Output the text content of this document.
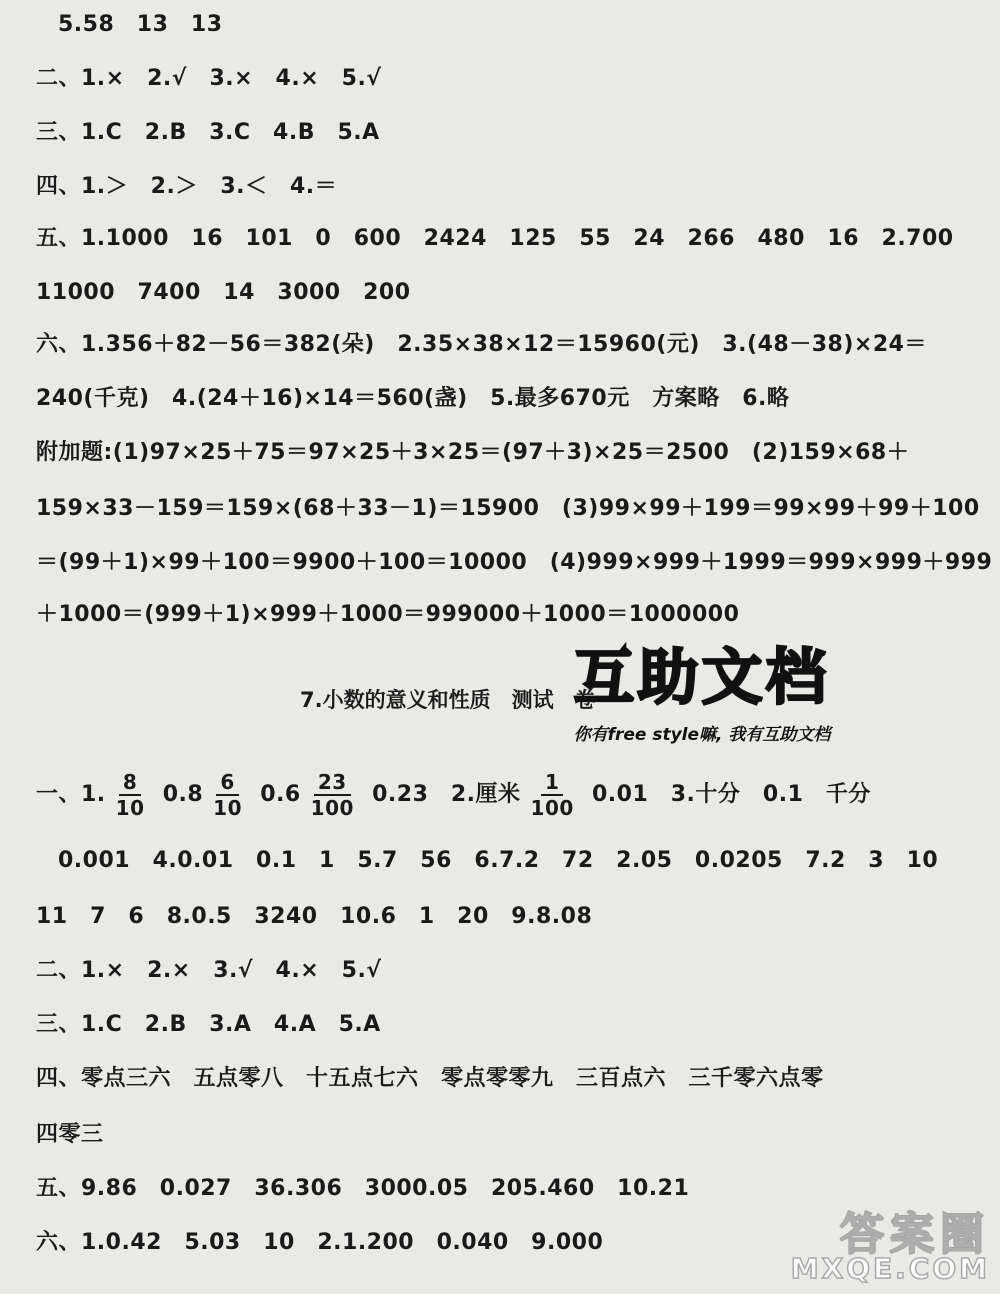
5.58　13　13
二、1.×　2.√　3.×　4.×　5.√
三、1.C　2.B　3.C　4.B　5.A
四、1.＞　2.＞　3.＜　4.＝
五、1.1000　16　101　0　600　2424　125　55　24　266　480　16　2.700
11000　7400　14　3000　200
六、1.356＋82－56＝382(朵)　2.35×38×12＝15960(元)　3.(48－38)×24＝
240(千克)　4.(24＋16)×14＝560(盏)　5.最多670元　方案略　6.略
附加题:(1)97×25＋75＝97×25＋3×25＝(97＋3)×25＝2500　(2)159×68＋
159×33－159＝159×(68＋33－1)＝15900　(3)99×99＋199＝99×99＋99＋100
＝(99＋1)×99＋100＝9900＋100＝10000　(4)999×999＋1999＝999×999＋999
＋1000＝(999＋1)×999＋1000＝999000＋1000＝1000000
7.小数的意义和性质　测试　卷
互助文档
你有free style嘛, 我有互助文档
一、1. $\frac{8}{10} 0.8 \frac{6}{10} 0.6 \frac{23}{100} 0.23$　2.厘米 $\frac{1}{100} 0.01$　3.十分　0.1　千分
0.001　4.0.01　0.1　1　5.7　56　6.7.2　72　2.05　0.0205　7.2　3　10
11　7　6　8.0.5　3240　10.6　1　20　9.8.08
二、1.×　2.×　3.√　4.×　5.√
三、1.C　2.B　3.A　4.A　5.A
四、零点三六　五点零八　十五点七六　零点零零九　三百点六　三千零六点零
四零三
五、9.86　0.027　36.306　3000.05　205.460　10.21
六、1.0.42　5.03　10　2.1.200　0.040　9.000	答案圈
MXQE.COM
